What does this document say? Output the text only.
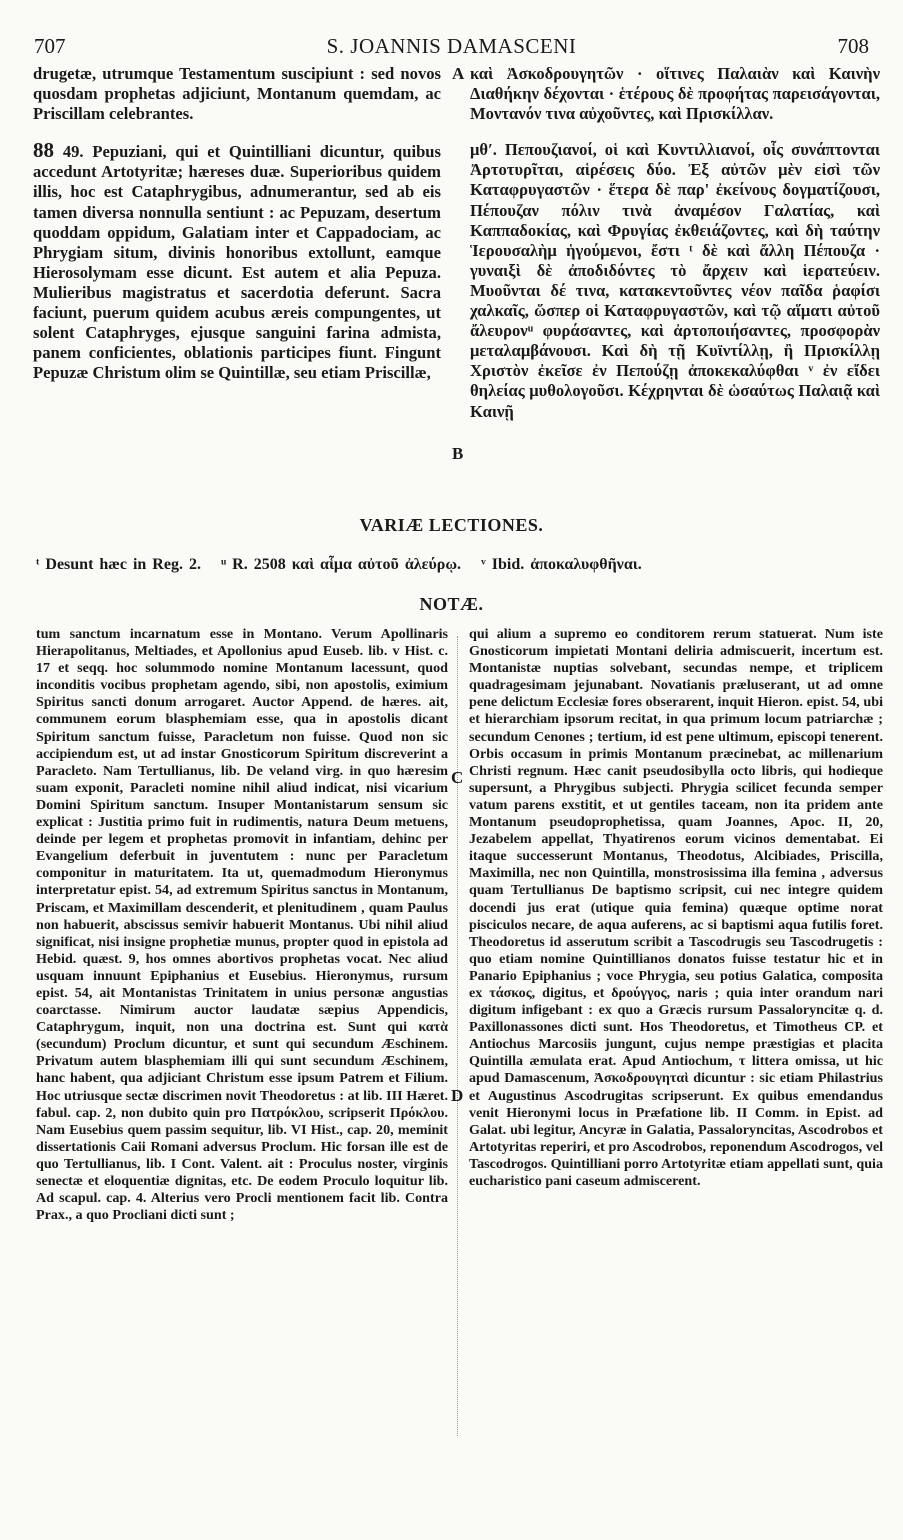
707	S. JOANNIS DAMASCENI	708

drugetæ, utrumque Testamentum suscipiunt : sed novos quosdam prophetas adjiciunt, Montanum quemdam, ac Priscillam celebrantes.

88 49. Pepuziani, qui et Quintilliani dicuntur, quibus accedunt Artotyritæ; hæreses duæ. Superioribus quidem illis, hoc est Cataphrygibus, adnumerantur, sed ab eis tamen diversa nonnulla sentiunt : ac Pepuzam, desertum quoddam oppidum, Galatiam inter et Cappadociam, ac Phrygiam situm, divinis honoribus extollunt, eamque Hierosolymam esse dicunt. Est autem et alia Pepuza. Mulieribus magistratus et sacerdotia deferunt. Sacra faciunt, puerum quidem acubus æreis compungentes, ut solent Cataphryges, ejusque sanguini farina admista, panem conficientes, oblationis participes fiunt. Fingunt Pepuzæ Christum olim se Quintillæ, seu etiam Priscillæ,

καὶ Ἀσκοδρουγητῶν · οἵτινες Παλαιὰν καὶ Καινὴν Διαθήκην δέχονται · ἑτέρους δὲ προφήτας παρεισάγονται, Μοντανόν τινα αὐχοῦντες, καὶ Πρισκίλλαν.

μθʹ. Πεπουζιανοί, οἱ καὶ Κυντιλλιανοί, οἷς συνάπτονται Ἀρτοτυρῖται, αἱρέσεις δύο. Ἐξ αὐτῶν μὲν εἰσὶ τῶν Καταφρυγαστῶν · ἕτερα δὲ παρ' ἐκείνους δογματίζουσι, Πέπουζαν πόλιν τινὰ ἀναμέσον Γαλατίας, καὶ Καππαδοκίας, καὶ Φρυγίας ἐκθειάζοντες, καὶ δὴ ταύτην Ἱερουσαλὴμ ἡγούμενοι, ἔστι ᵗ δὲ καὶ ἄλλη Πέπουζα · γυναιξὶ δὲ ἀποδιδόντες τὸ ἄρχειν καὶ ἱερατεύειν. Μυοῦνται δέ τινα, κατακεντοῦντες νέον παῖδα ῥαφίσι χαλκαῖς, ὥσπερ οἱ Καταφρυγαστῶν, καὶ τῷ αἵματι αὐτοῦ ἄλευρονᵘ φυράσαντες, καὶ ἀρτοποιήσαντες, προσφορὰν μεταλαμβάνουσι. Καὶ δὴ τῇ Κυϊντίλλῃ, ἢ Πρισκίλλῃ Χριστὸν ἐκεῖσε ἐν Πεπούζῃ ἀποκεκαλύφθαι ᵛ ἐν εἴδει θηλείας μυθολογοῦσι. Κέχρηνται δὲ ὡσαύτως Παλαιᾷ καὶ Καινῇ

A
B
VARIÆ LECTIONES.
ᵗ Desunt hæc in Reg. 2. ᵘ R. 2508 καὶ αἷμα αὐτοῦ ἀλεύρῳ. ᵛ Ibid. ἀποκαλυφθῆναι.
NOTÆ.

tum sanctum incarnatum esse in Montano. Verum Apollinaris Hierapolitanus, Meltiades, et Apollonius apud Euseb. lib. v Hist. c. 17 et seqq. hoc solummodo nomine Montanum lacessunt, quod inconditis vocibus prophetam agendo, sibi, non apostolis, eximium Spiritus sancti donum arrogaret. Auctor Append. de hæres. ait, communem eorum blasphemiam esse, qua in apostolis dicant Spiritum sanctum fuisse, Paracletum non fuisse. Quod non sic accipiendum est, ut ad instar Gnosticorum Spiritum discreverint a Paracleto. Nam Tertullianus, lib. De veland virg. in quo hæresim suam exponit, Paracleti nomine nihil aliud indicat, nisi vicarium Domini Spiritum sanctum. Insuper Montanistarum sensum sic explicat : Justitia primo fuit in rudimentis, natura Deum metuens, deinde per legem et prophetas promovit in infantiam, dehinc per Evangelium deferbuit in juventutem : nunc per Paracletum componitur in maturitatem. Ita ut, quemadmodum Hieronymus interpretatur epist. 54, ad extremum Spiritus sanctus in Montanum, Priscam, et Maximillam descenderit, et plenitudinem , quam Paulus non habuerit, abscissus semivir habuerit Montanus. Ubi nihil aliud significat, nisi insigne prophetiæ munus, propter quod in epistola ad Hebid. quæst. 9, hos omnes abortivos prophetas vocat. Nec aliud usquam innuunt Epiphanius et Eusebius. Hieronymus, rursum epist. 54, ait Montanistas Trinitatem in unius personæ angustias coarctasse. Nimirum auctor laudatæ sæpius Appendicis, Cataphrygum, inquit, non una doctrina est. Sunt qui κατὰ (secundum) Proclum dicuntur, et sunt qui secundum Æschinem. Privatum autem blasphemiam illi qui sunt secundum Æschinem, hanc habent, qua adjiciant Christum esse ipsum Patrem et Filium. Hoc utriusque sectæ discrimen novit Theodoretus : at lib. III Hæret. fabul. cap. 2, non dubito quin pro Πατρόκλου, scripserit Πρόκλου. Nam Eusebius quem passim sequitur, lib. VI Hist., cap. 20, meminit dissertationis Caii Romani adversus Proclum. Hic forsan ille est de quo Tertullianus, lib. I Cont. Valent. ait : Proculus noster, virginis senectæ et eloquentiæ dignitas, etc. De eodem Proculo loquitur lib. Ad scapul. cap. 4. Alterius vero Procli mentionem facit lib. Contra Prax., a quo Procliani dicti sunt ;

qui alium a supremo eo conditorem rerum statuerat. Num iste Gnosticorum impietati Montani deliria admiscuerit, incertum est. Montanistæ nuptias solvebant, secundas nempe, et triplicem quadragesimam jejunabant. Novatianis præluserant, ut ad omne pene delictum Ecclesiæ fores obserarent, inquit Hieron. epist. 54, ubi et hierarchiam ipsorum recitat, in qua primum locum patriarchæ ; secundum Cenones ; tertium, id est pene ultimum, episcopi tenerent. Orbis occasum in primis Montanum præcinebat, ac millenarium Christi regnum. Hæc canit pseudosibylla octo libris, qui hodieque supersunt, a Phrygibus subjecti. Phrygia scilicet fecunda semper vatum parens exstitit, et ut gentiles taceam, non ita pridem ante Montanum pseudoprophetissa, quam Joannes, Apoc. II, 20, Jezabelem appellat, Thyatirenos eorum vicinos dementabat. Ei itaque successerunt Montanus, Theodotus, Alcibiades, Priscilla, Maximilla, nec non Quintilla, monstrosissima illa femina , adversus quam Tertullianus De baptismo scripsit, cui nec integre quidem docendi jus erat (utique quia femina) quæque optime norat pisciculos necare, de aqua auferens, ac si baptismi aqua futilis foret. Theodoretus id asserutum scribit a Tascodrugis seu Tascodrugetis : quo etiam nomine Quintillianos donatos fuisse testatur hic et in Panario Epiphanius ; voce Phrygia, seu potius Galatica, composita ex τάσκος, digitus, et δρούγγος, naris ; quia inter orandum nari digitum infigebant : ex quo a Græcis rursum Passaloryncitæ q. d. Paxillonassones dicti sunt. Hos Theodoretus, et Timotheus CP. et Antiochus Marcosiis jungunt, cujus nempe præstigias et placita Quintilla æmulata erat. Apud Antiochum, τ littera omissa, ut hic apud Damascenum, Ἀσκοδρουγηταὶ dicuntur : sic etiam Philastrius et Augustinus Ascodrugitas scripserunt. Ex quibus emendandus venit Hieronymi locus in Præfatione lib. II Comm. in Epist. ad Galat. ubi legitur, Ancyræ in Galatia, Passaloryncitas, Ascodrobos et Artotyritas reperiri, et pro Ascodrobos, reponendum Ascodrogos, vel Tascodrogos. Quintilliani porro Artotyritæ etiam appellati sunt, quia eucharistico pani caseum admiscerent.

C
D
